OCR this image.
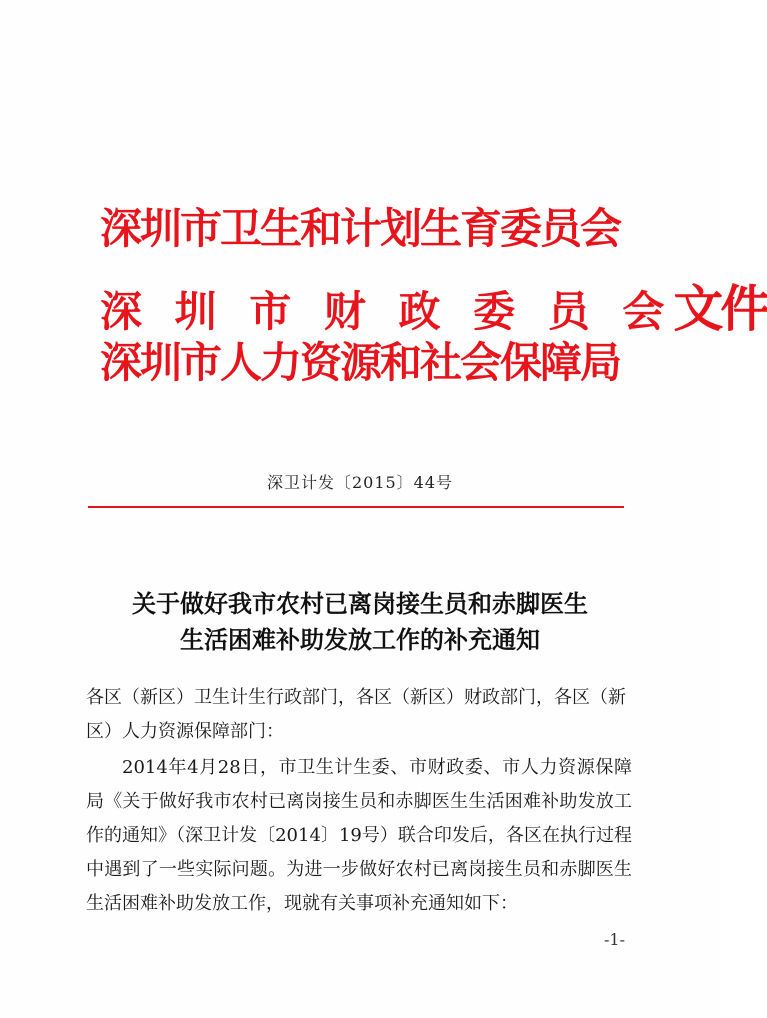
深圳市卫生和计划生育委员会
深 圳 市 财 政 委 员 会文件
深圳市人力资源和社会保障局
深卫计发〔2015〕44号
关于做好我市农村已离岗接生员和赤脚医生
生活困难补助发放工作的补充通知
各区（新区）卫生计生行政部门，各区（新区）财政部门，各区（新区）人力资源保障部门：
2014年4月28日，市卫生计生委、市财政委、市人力资源保障局《关于做好我市农村已离岗接生员和赤脚医生生活困难补助发放工作的通知》（深卫计发〔2014〕19号）联合印发后，各区在执行过程中遇到了一些实际问题。为进一步做好农村已离岗接生员和赤脚医生生活困难补助发放工作，现就有关事项补充通知如下：
-1-
